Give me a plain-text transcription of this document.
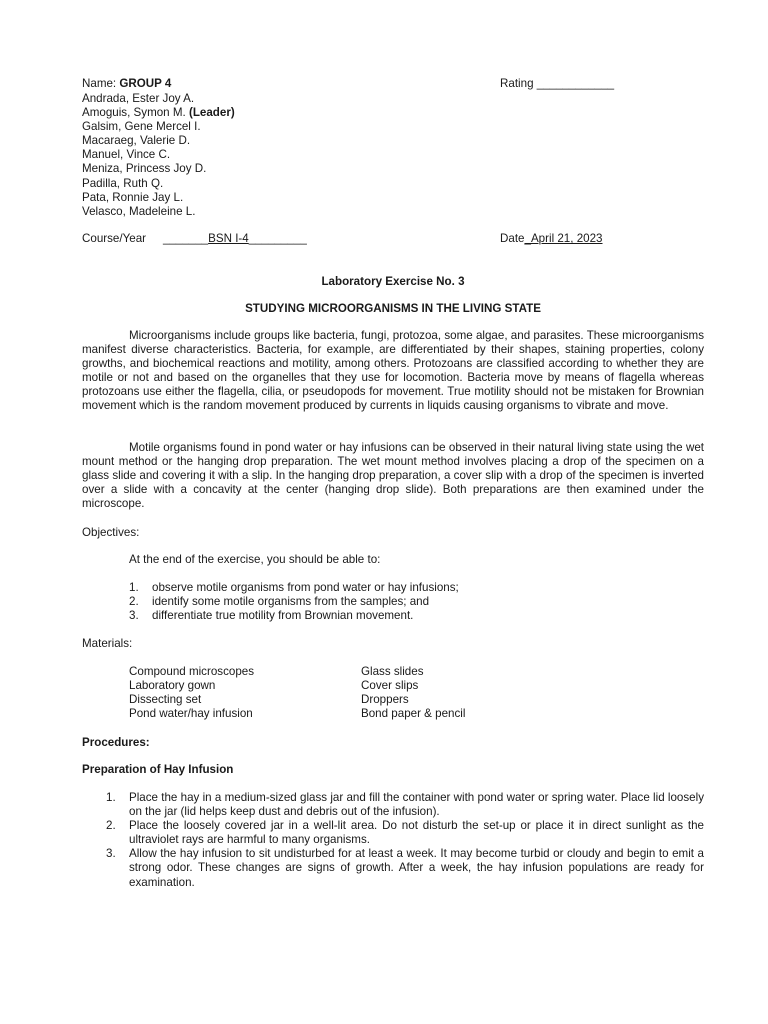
Name: GROUP 4	Rating ____________
Andrada, Ester Joy A.
Amoguis, Symon M. (Leader)
Galsim, Gene Mercel I.
Macaraeg, Valerie D.
Manuel, Vince C.
Meniza, Princess Joy D.
Padilla, Ruth Q.
Pata, Ronnie Jay L.
Velasco, Madeleine L.
Course/Year _______BSN I-4_________	Date_April 21, 2023
Laboratory Exercise No. 3
STUDYING MICROORGANISMS IN THE LIVING STATE

Microorganisms include groups like bacteria, fungi, protozoa, some algae, and parasites. These microorganisms manifest diverse characteristics. Bacteria, for example, are differentiated by their shapes, staining properties, colony growths, and biochemical reactions and motility, among others. Protozoans are classified according to whether they are motile or not and based on the organelles that they use for locomotion. Bacteria move by means of flagella whereas protozoans use either the flagella, cilia, or pseudopods for movement. True motility should not be mistaken for Brownian movement which is the random movement produced by currents in liquids causing organisms to vibrate and move.

Motile organisms found in pond water or hay infusions can be observed in their natural living state using the wet mount method or the hanging drop preparation. The wet mount method involves placing a drop of the specimen on a glass slide and covering it with a slip. In the hanging drop preparation, a cover slip with a drop of the specimen is inverted over a slide with a concavity at the center (hanging drop slide). Both preparations are then examined under the microscope.

Objectives:
At the end of the exercise, you should be able to:
1. observe motile organisms from pond water or hay infusions;
2. identify some motile organisms from the samples; and
3. differentiate true motility from Brownian movement.
Materials:
Compound microscopes	Glass slides
Laboratory gown	Cover slips
Dissecting set	Droppers
Pond water/hay infusion	Bond paper & pencil
Procedures:
Preparation of Hay Infusion
1. Place the hay in a medium-sized glass jar and fill the container with pond water or spring water. Place lid loosely on the jar (lid helps keep dust and debris out of the infusion).
2. Place the loosely covered jar in a well-lit area. Do not disturb the set-up or place it in direct sunlight as the ultraviolet rays are harmful to many organisms.
3. Allow the hay infusion to sit undisturbed for at least a week. It may become turbid or cloudy and begin to emit a strong odor. These changes are signs of growth. After a week, the hay infusion populations are ready for examination.
